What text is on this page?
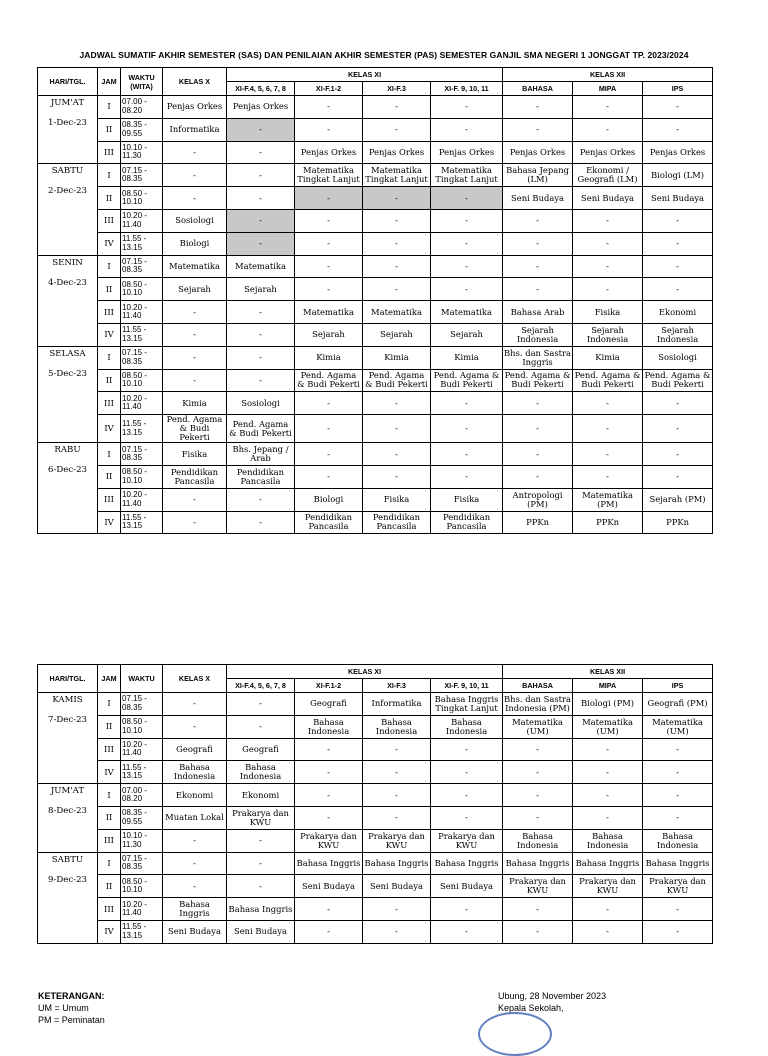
JADWAL SUMATIF AKHIR SEMESTER (SAS) DAN PENILAIAN AKHIR SEMESTER (PAS) SEMESTER GANJIL SMA NEGERI 1 JONGGAT TP. 2023/2024
HARI/TGL.	JAM	WAKTU (WITA)	KELAS X	KELAS XI				KELAS XII		
				XI-F.4, 5, 6, 7, 8	XI-F.1-2	XI-F.3	XI-F. 9, 10, 11	BAHASA	MIPA	IPS
JUM'AT
1-Dec-23	I	07.00 - 08.20	Penjas Orkes	Penjas Orkes	-	-	-	-	-	-
	II	08.35 - 09.55	Informatika	-	-	-	-	-	-	-
	III	10.10 - 11.30	-	-	Penjas Orkes	Penjas Orkes	Penjas Orkes	Penjas Orkes	Penjas Orkes	Penjas Orkes
SABTU
2-Dec-23	I	07.15 - 08.35	-	-	Matematika Tingkat Lanjut	Matematika Tingkat Lanjut	Matematika Tingkat Lanjut	Bahasa Jepang (LM)	Ekonomi / Geografi (LM)	Biologi (LM)
	II	08.50 - 10.10	-	-	-	-	-	Seni Budaya	Seni Budaya	Seni Budaya
	III	10.20 - 11.40	Sosiologi	-	-	-	-	-	-	-
	IV	11.55 - 13.15	Biologi	-	-	-	-	-	-	-
SENIN
4-Dec-23	I	07.15 - 08.35	Matematika	Matematika	-	-	-	-	-	-
	II	08.50 - 10.10	Sejarah	Sejarah	-	-	-	-	-	-
	III	10.20 - 11.40	-	-	Matematika	Matematika	Matematika	Bahasa Arab	Fisika	Ekonomi
	IV	11.55 - 13.15	-	-	Sejarah	Sejarah	Sejarah	Sejarah Indonesia	Sejarah Indonesia	Sejarah Indonesia
SELASA
5-Dec-23	I	07.15 - 08.35	-	-	Kimia	Kimia	Kimia	Bhs. dan Sastra Inggris	Kimia	Sosiologi
	II	08.50 - 10.10	-	-	Pend. Agama & Budi Pekerti	Pend. Agama & Budi Pekerti	Pend. Agama & Budi Pekerti	Pend. Agama & Budi Pekerti	Pend. Agama & Budi Pekerti	Pend. Agama & Budi Pekerti
	III	10.20 - 11.40	Kimia	Sosiologi	-	-	-	-	-	-
	IV	11.55 - 13.15	Pend. Agama & Budi Pekerti	Pend. Agama & Budi Pekerti	-	-	-	-	-	-
RABU
6-Dec-23	I	07.15 - 08.35	Fisika	Bhs. Jepang / Arab	-	-	-	-	-	-
	II	08.50 - 10.10	Pendidikan Pancasila	Pendidikan Pancasila	-	-	-	-	-	-
	III	10.20 - 11.40	-	-	Biologi	Fisika	Fisika	Antropologi (PM)	Matematika (PM)	Sejarah (PM)
	IV	11.55 - 13.15	-	-	Pendidikan Pancasila	Pendidikan Pancasila	Pendidikan Pancasila	PPKn	PPKn	PPKn
HARI/TGL.	JAM	WAKTU	KELAS X	KELAS XI				KELAS XII		
				XI-F.4, 5, 6, 7, 8	XI-F.1-2	XI-F.3	XI-F. 9, 10, 11	BAHASA	MIPA	IPS
KAMIS
7-Dec-23	I	07.15 - 08.35	-	-	Geografi	Informatika	Bahasa Inggris Tingkat Lanjut	Bhs. dan Sastra Indonesia (PM)	Biologi (PM)	Geografi (PM)
	II	08.50 - 10.10	-	-	Bahasa Indonesia	Bahasa Indonesia	Bahasa Indonesia	Matematika (UM)	Matematika (UM)	Matematika (UM)
	III	10.20 - 11.40	Geografi	Geografi	-	-	-	-	-	-
	IV	11.55 - 13.15	Bahasa Indonesia	Bahasa Indonesia	-	-	-	-	-	-
JUM'AT
8-Dec-23	I	07.00 - 08.20	Ekonomi	Ekonomi	-	-	-	-	-	-
	II	08.35 - 09.55	Muatan Lokal	Prakarya dan KWU	-	-	-	-	-	-
	III	10.10 - 11.30	-	-	Prakarya dan KWU	Prakarya dan KWU	Prakarya dan KWU	Bahasa Indonesia	Bahasa Indonesia	Bahasa Indonesia
SABTU
9-Dec-23	I	07.15 - 08.35	-	-	Bahasa Inggris	Bahasa Inggris	Bahasa Inggris	Bahasa Inggris	Bahasa Inggris	Bahasa Inggris
	II	08.50 - 10.10	-	-	Seni Budaya	Seni Budaya	Seni Budaya	Prakarya dan KWU	Prakarya dan KWU	Prakarya dan KWU
	III	10.20 - 11.40	Bahasa Inggris	Bahasa Inggris	-	-	-	-	-	-
	IV	11.55 - 13.15	Seni Budaya	Seni Budaya	-	-	-	-	-	-
KETERANGAN:
UM = Umum
PM = Peminatan
Ubung, 28 November 2023
Kepala Sekolah,
